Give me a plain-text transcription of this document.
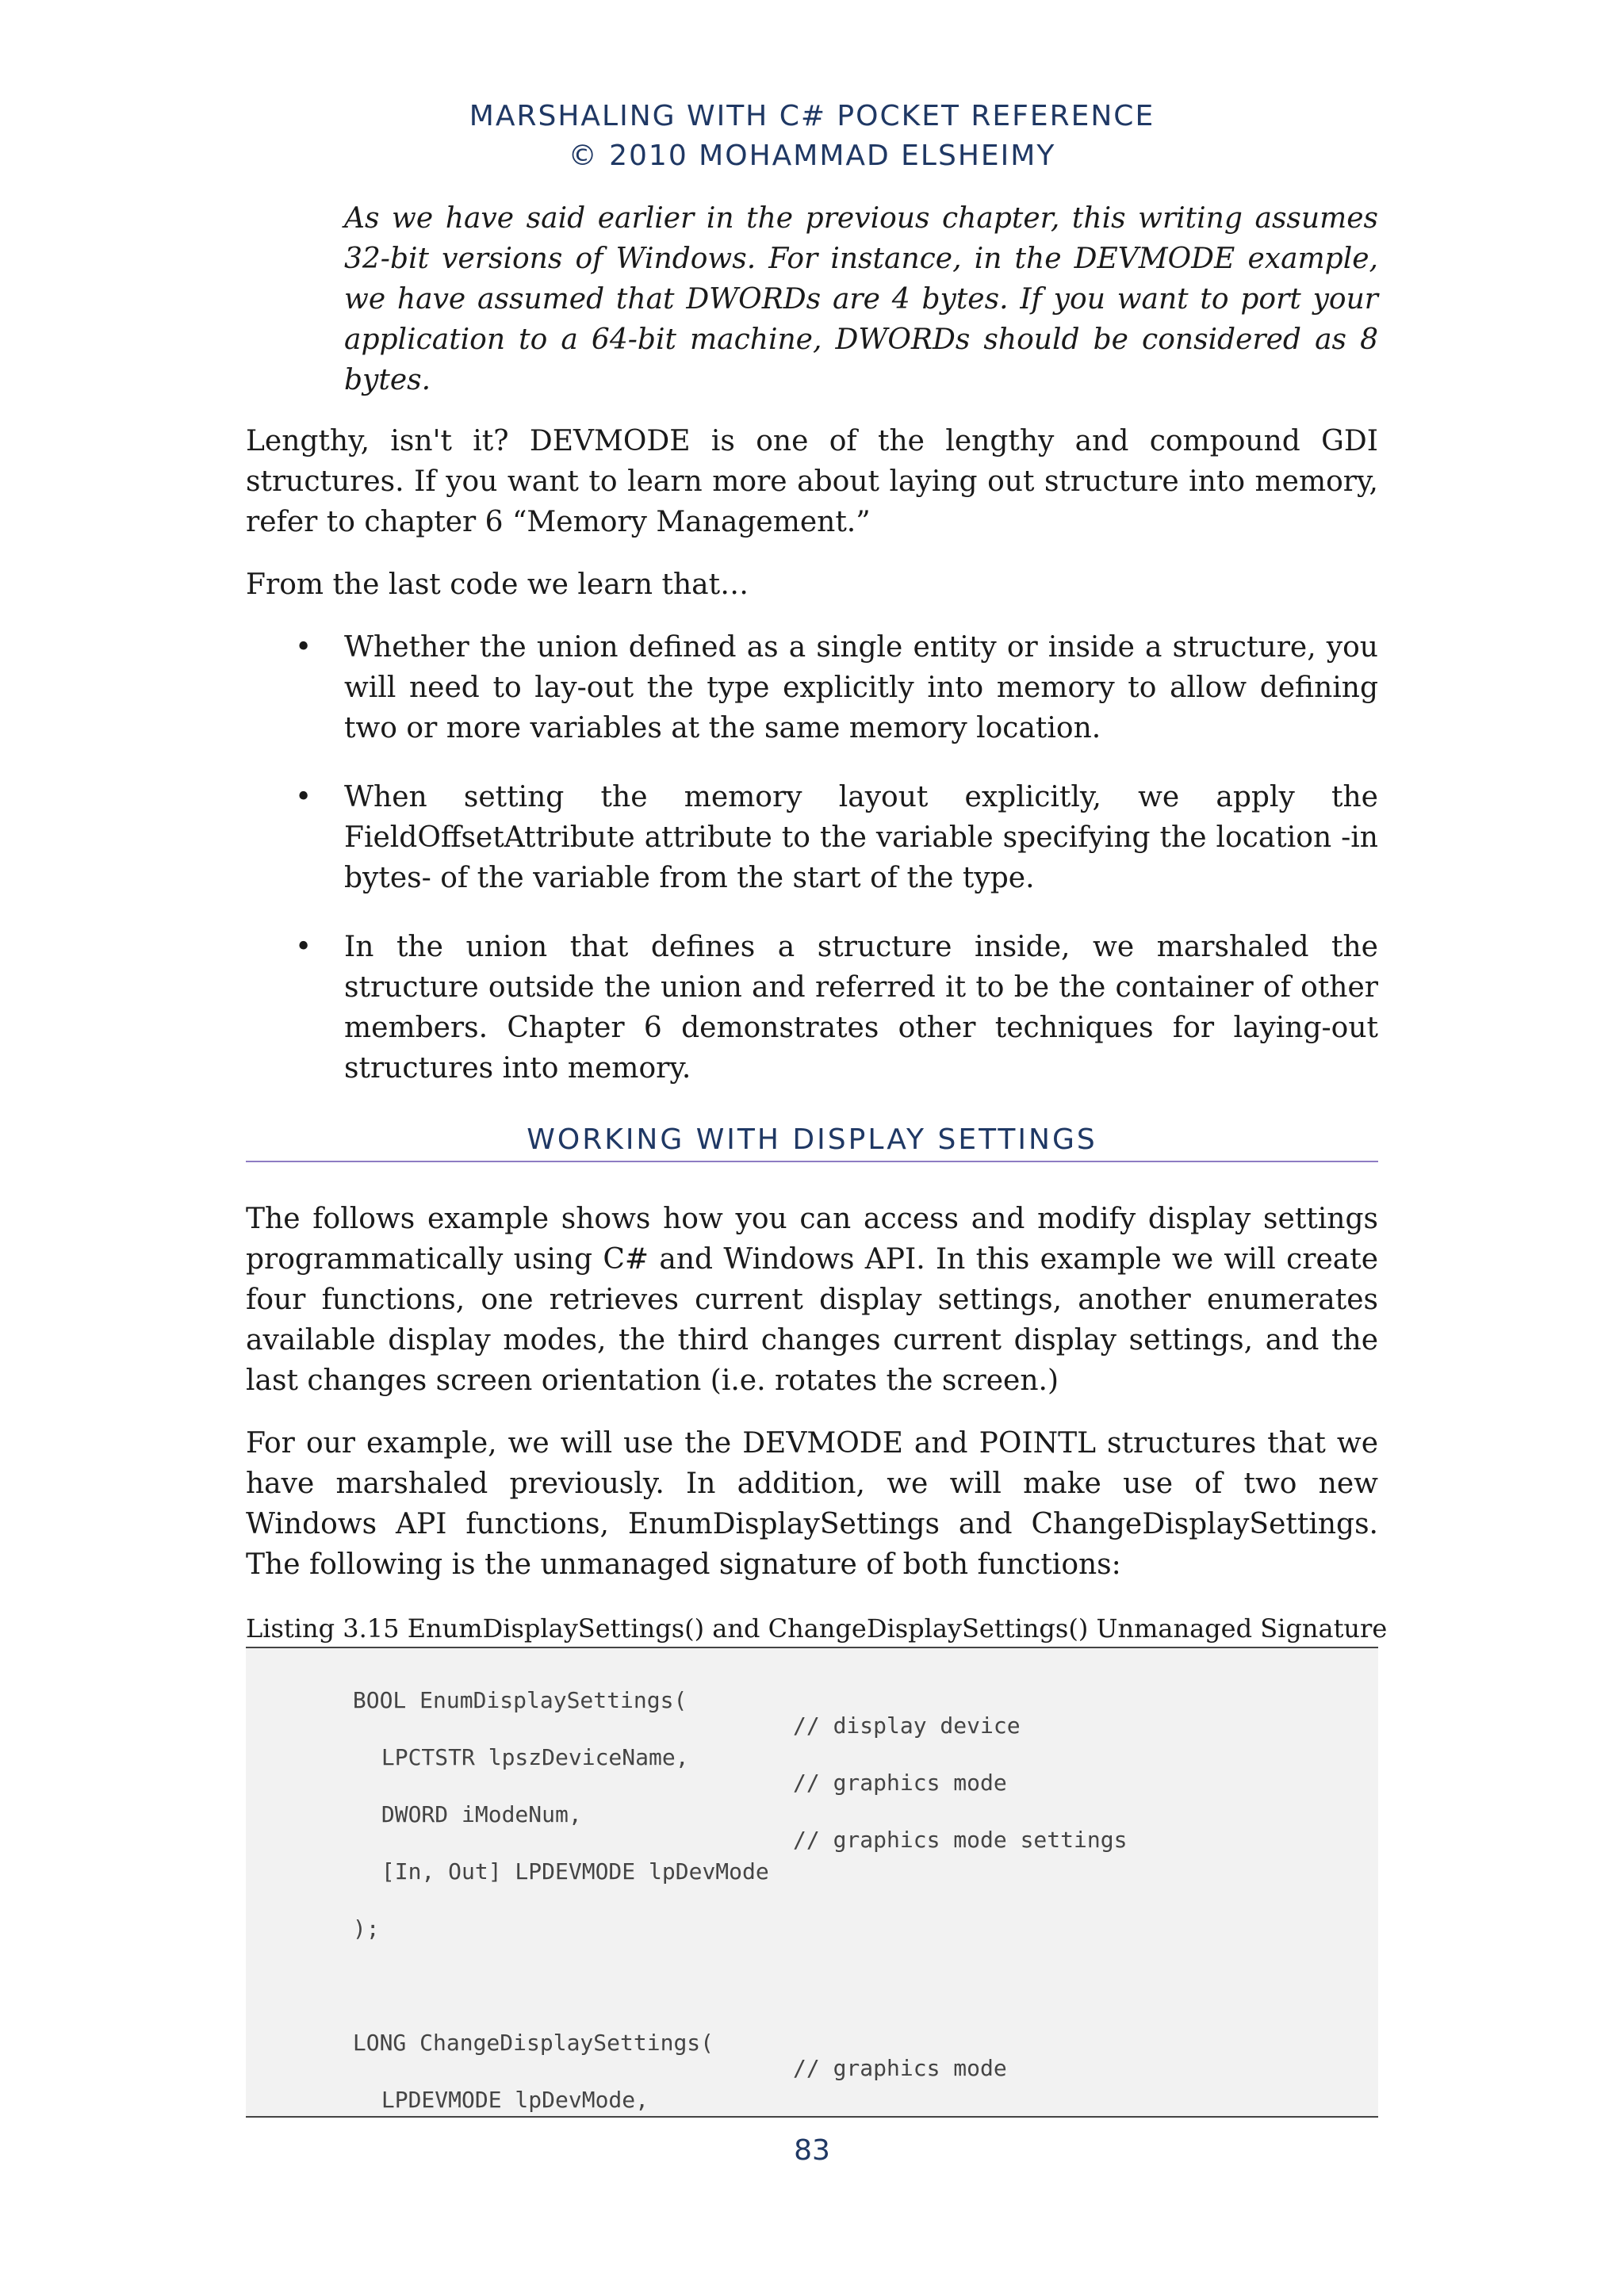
MARSHALING WITH C# POCKET REFERENCE
© 2010 MOHAMMAD ELSHEIMY
As we have said earlier in the previous chapter, this writing assumes 32-bit versions of Windows. For instance, in the DEVMODE example, we have assumed that DWORDs are 4 bytes. If you want to port your application to a 64-bit machine, DWORDs should be considered as 8 bytes.

Lengthy, isn't it? DEVMODE is one of the lengthy and compound GDI structures. If you want to learn more about laying out structure into memory, refer to chapter 6 “Memory Management.”

From the last code we learn that…

• Whether the union defined as a single entity or inside a structure, you will need to lay-out the type explicitly into memory to allow defining two or more variables at the same memory location.
• When setting the memory layout explicitly, we apply the FieldOffsetAttribute attribute to the variable specifying the location -in bytes- of the variable from the start of the type.
• In the union that defines a structure inside, we marshaled the structure outside the union and referred it to be the container of other members. Chapter 6 demonstrates other techniques for laying-out structures into memory.
WORKING WITH DISPLAY SETTINGS

The follows example shows how you can access and modify display settings programmatically using C# and Windows API. In this example we will create four functions, one retrieves current display settings, another enumerates available display modes, the third changes current display settings, and the last changes screen orientation (i.e. rotates the screen.)

For our example, we will use the DEVMODE and POINTL structures that we have marshaled previously. In addition, we will make use of two new Windows API functions, EnumDisplaySettings and ChangeDisplaySettings. The following is the unmanaged signature of both functions:

Listing 3.15 EnumDisplaySettings() and ChangeDisplaySettings() Unmanaged Signature

BOOL EnumDisplaySettings(

LPCTSTR lpszDeviceName,

// display device

DWORD iModeNum,

// graphics mode

[In, Out] LPDEVMODE lpDevMode

// graphics mode settings

);

LONG ChangeDisplaySettings(

LPDEVMODE lpDevMode,

// graphics mode

83
